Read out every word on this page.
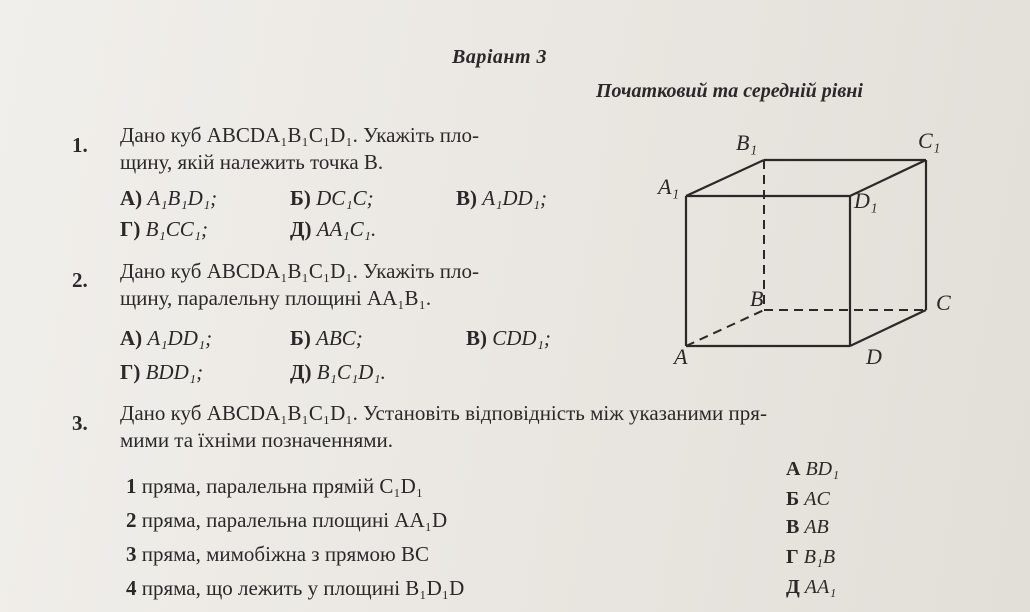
Варіант 3
Початковий та середній рівні
1. Дано куб ABCDA₁B₁C₁D₁. Укажіть пло-
щину, якій належить точка B.
А) A₁B₁D₁;	Б) DC₁C;	В) A₁DD₁;
Г) B₁CC₁;	Д) AA₁C₁.
2. Дано куб ABCDA₁B₁C₁D₁. Укажіть пло-
щину, паралельну площині AA₁B₁.
А) A₁DD₁;	Б) ABC;	В) CDD₁;
Г) BDD₁;	Д) B₁C₁D₁.
3. Дано куб ABCDA₁B₁C₁D₁. Установіть відповідність між указаними пря-
мими та їхніми позначеннями.
1 пряма, паралельна прямій C₁D₁
2 пряма, паралельна площині AA₁D
3 пряма, мимобіжна з прямою BC
4 пряма, що лежить у площині B₁D₁D
А BD₁
Б AC
В AB
Г B₁B
Д AA₁
B₁	C₁
A₁
D₁
B	C
A	D
